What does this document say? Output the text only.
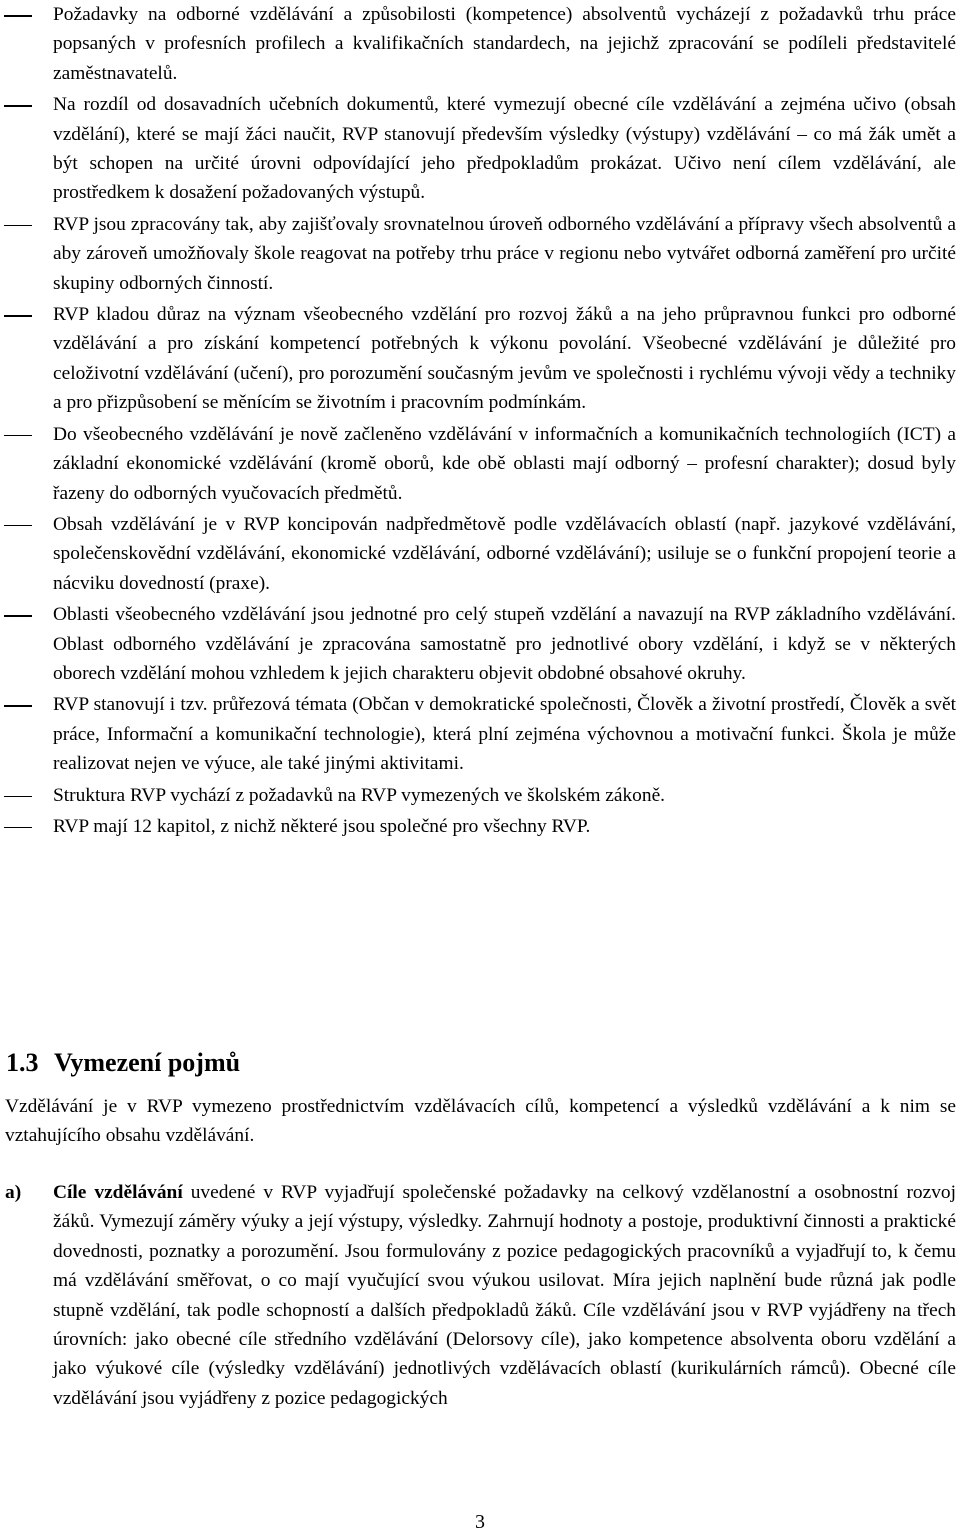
Požadavky na odborné vzdělávání a způsobilosti (kompetence) absolventů vycházejí z požadavků trhu práce popsaných v profesních profilech a kvalifikačních standardech, na jejichž zpracování se podíleli představitelé zaměstnavatelů.
Na rozdíl od dosavadních učebních dokumentů, které vymezují obecné cíle vzdělávání a zejména učivo (obsah vzdělání), které se mají žáci naučit, RVP stanovují především výsledky (výstupy) vzdělávání – co má žák umět a být schopen na určité úrovni odpovídající jeho předpokladům prokázat. Učivo není cílem vzdělávání, ale prostředkem k dosažení požadovaných výstupů.
RVP jsou zpracovány tak, aby zajišťovaly srovnatelnou úroveň odborného vzdělávání a přípravy všech absolventů a aby zároveň umožňovaly škole reagovat na potřeby trhu práce v regionu nebo vytvářet odborná zaměření pro určité skupiny odborných činností.
RVP kladou důraz na význam všeobecného vzdělání pro rozvoj žáků a na jeho průpravnou funkci pro odborné vzdělávání a pro získání kompetencí potřebných k výkonu povolání. Všeobecné vzdělávání je důležité pro celoživotní vzdělávání (učení), pro porozumění současným jevům ve společnosti i rychlému vývoji vědy a techniky a pro přizpůsobení se měnícím se životním i pracovním podmínkám.
Do všeobecného vzdělávání je nově začleněno vzdělávání v informačních a komunikačních technologiích (ICT) a základní ekonomické vzdělávání (kromě oborů, kde obě oblasti mají odborný – profesní charakter); dosud byly řazeny do odborných vyučovacích předmětů.
Obsah vzdělávání je v RVP koncipován nadpředmětově podle vzdělávacích oblastí (např. jazykové vzdělávání, společenskovědní vzdělávání, ekonomické vzdělávání, odborné vzdělávání); usiluje se o funkční propojení teorie a nácviku dovedností (praxe).
Oblasti všeobecného vzdělávání jsou jednotné pro celý stupeň vzdělání a navazují na RVP základního vzdělávání. Oblast odborného vzdělávání je zpracována samostatně pro jednotlivé obory vzdělání, i když se v některých oborech vzdělání mohou vzhledem k jejich charakteru objevit obdobné obsahové okruhy.
RVP stanovují i tzv. průřezová témata (Občan v demokratické společnosti, Člověk a životní prostředí, Člověk a svět práce, Informační a komunikační technologie), která plní zejména výchovnou a motivační funkci. Škola je může realizovat nejen ve výuce, ale také jinými aktivitami.
Struktura RVP vychází z požadavků na RVP vymezených ve školském zákoně.
RVP mají 12 kapitol, z nichž některé jsou společné pro všechny RVP.
1.3 Vymezení pojmů

Vzdělávání je v RVP vymezeno prostřednictvím vzdělávacích cílů, kompetencí a výsledků vzdělávání a k nim se vztahujícího obsahu vzdělávání.

a) Cíle vzdělávání uvedené v RVP vyjadřují společenské požadavky na celkový vzdělanostní a osobnostní rozvoj žáků. Vymezují záměry výuky a její výstupy, výsledky. Zahrnují hodnoty a postoje, produktivní činnosti a praktické dovednosti, poznatky a porozumění. Jsou formulovány z pozice pedagogických pracovníků a vyjadřují to, k čemu má vzdělávání směřovat, o co mají vyučující svou výukou usilovat. Míra jejich naplnění bude různá jak podle stupně vzdělání, tak podle schopností a dalších předpokladů žáků. Cíle vzdělávání jsou v RVP vyjádřeny na třech úrovních: jako obecné cíle středního vzdělávání (Delorsovy cíle), jako kompetence absolventa oboru vzdělání a jako výukové cíle (výsledky vzdělávání) jednotlivých vzdělávacích oblastí (kurikulárních rámců). Obecné cíle vzdělávání jsou vyjádřeny z pozice pedagogických

3
